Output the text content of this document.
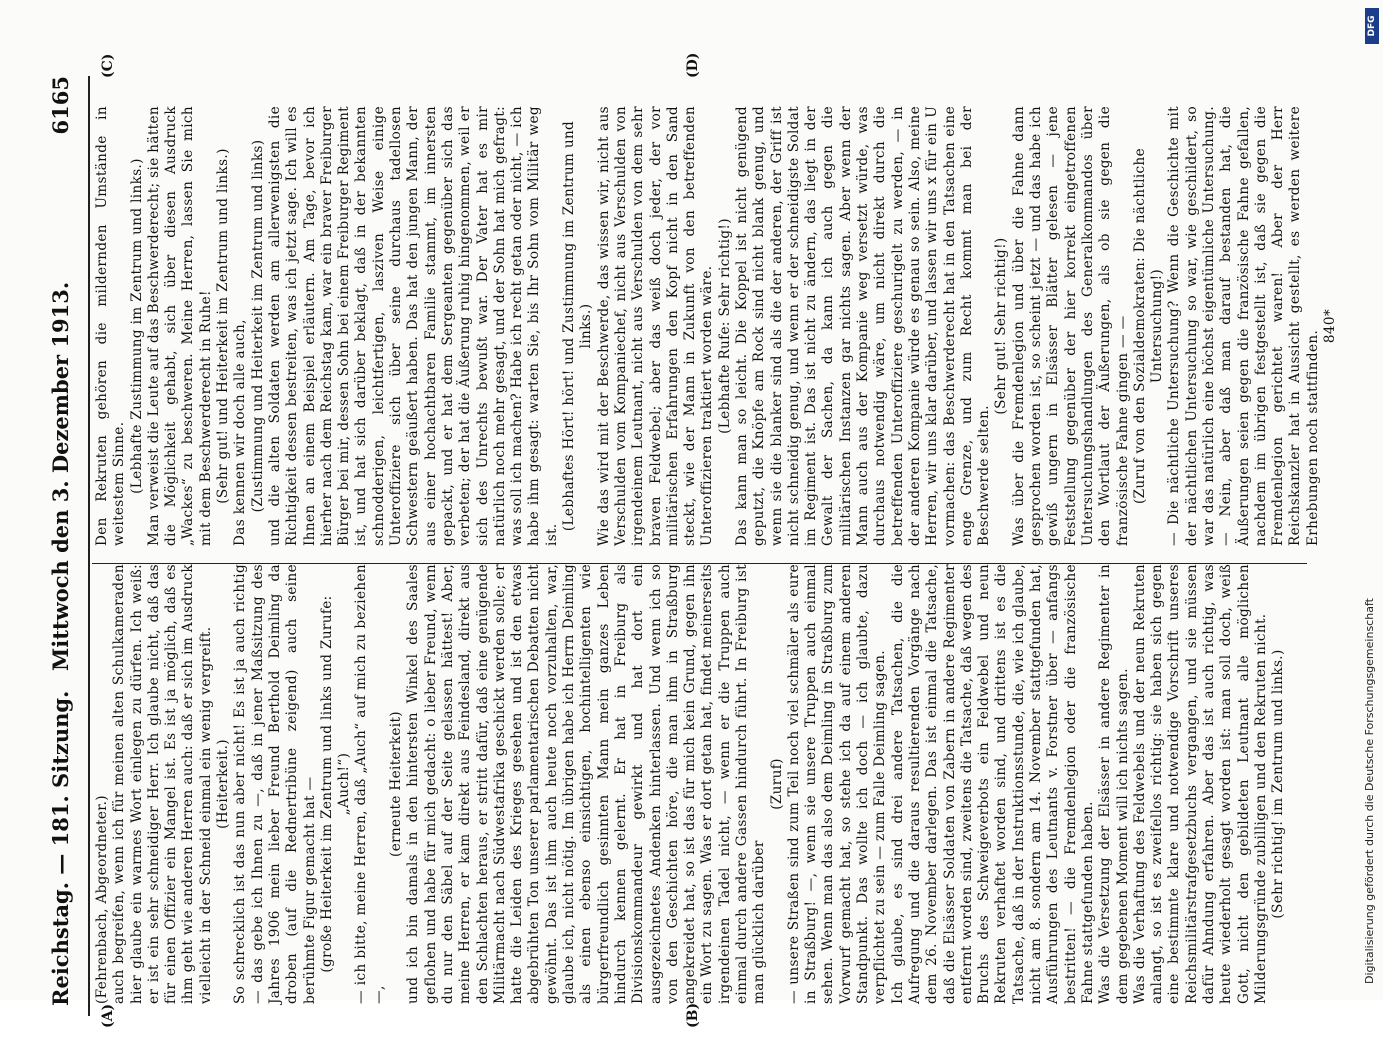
Reichstag. — 181. Sitzung.
Mittwoch den 3. Dezember 1913.
6165
(A)	(B)
(C)	(D)

(Fehrenbach, Abgeordneter.) auch begreifen, wenn ich für meinen alten Schulkameraden hier glaube ein warmes Wort einlegen zu dürfen. Ich weiß: er ist ein sehr schneidiger Herr. Ich glaube nicht, daß das für einen Offizier ein Mangel ist. Es ist ja möglich, daß es ihm geht wie anderen Herren auch: daß er sich im Ausdruck vielleicht in der Schneid einmal ein wenig vergreift. (Heiterkeit.) So schrecklich ist das nun aber nicht! Es ist ja auch richtig — das gebe ich Ihnen zu —, daß in jener Maßsitzung des Jahres 1906 mein lieber Freund Berthold Deimling da droben (auf die Rednertribüne zeigend) auch seine berühmte Figur gemacht hat — (große Heiterkeit im Zentrum und links und Zurufe: „Auch!“) — ich bitte, meine Herren, daß „Auch“ auf mich zu beziehen —,

(erneute Heiterkeit) und ich bin damals in den hintersten Winkel des Saales geflohen und habe für mich gedacht: o lieber Freund, wenn du nur den Säbel auf der Seite gelassen hättest! Aber, meine Herren, er kam direkt aus Feindesland, direkt aus den Schlachten heraus, er stritt dafür, daß eine genügende Militärmacht nach Südwestafrika geschickt werden solle; er hatte die Leiden des Krieges gesehen und ist den etwas abgebrühten Ton unserer parlamentarischen Debatten nicht gewöhnt. Das ist ihm auch heute noch vorzuhalten, war, glaube ich, nicht nötig. Im übrigen habe ich Herrn Deimling als einen ebenso einsichtigen, hochintelligenten wie bürgerfreundlich gesinnten Mann mein ganzes Leben hindurch kennen gelernt. Er hat in Freiburg als Divisionskommandeur gewirkt und hat dort ein ausgezeichnetes Andenken hinterlassen. Und wenn ich so von den Geschichten höre, die man ihm in Straßburg angekreidet hat, so ist das für mich kein Grund, gegen ihn ein Wort zu sagen. Was er dort getan hat, findet meinerseits irgendeinen Tadel nicht, — wenn er die Truppen auch einmal durch andere Gassen hindurch führt. In Freiburg ist man glücklich darüber

(Zuruf) — unsere Straßen sind zum Teil noch viel schmäler als eure in Straßburg! —, wenn sie unsere Truppen auch einmal sehen. Wenn man das also dem Deimling in Straßburg zum Vorwurf gemacht hat, so stehe ich da auf einem anderen Standpunkt. Das wollte ich doch — ich glaubte, dazu verpflichtet zu sein — zum Falle Deimling sagen. Ich glaube, es sind drei andere Tatsachen, die die Aufregung und die daraus resultierenden Vorgänge nach dem 26. November darlegen. Das ist einmal die Tatsache, daß die Elsässer Soldaten von Zabern in andere Regimenter entfernt worden sind, zweitens die Tatsache, daß wegen des Bruchs des Schweigeverbots ein Feldwebel und neun Rekruten verhaftet worden sind, und drittens ist es die Tatsache, daß in der Instruktionsstunde, die, wie ich glaube, nicht am 8. sondern am 14. November stattgefunden hat, Ausführungen des Leutnants v. Forstner über — anfangs bestritten! — die Fremdenlegion oder die französische Fahne stattgefunden haben. Was die Versetzung der Elsässer in andere Regimenter in dem gegebenen Moment will ich nichts sagen. Was die Verhaftung des Feldwebels und der neun Rekruten anlangt, so ist es zweifellos richtig: sie haben sich gegen eine bestimmte klare und notwendige Vorschrift unseres Reichsmilitärstrafgesetzbuchs vergangen, und sie müssen dafür Ahndung erfahren. Aber das ist auch richtig, was heute wiederholt gesagt worden ist: man soll doch, weiß Gott, nicht den gebildeten Leutnant alle möglichen Milderungsgründe zubilligen und den Rekruten nicht. (Sehr richtig! im Zentrum und links.)

Den Rekruten gehören die mildernden Umstände in weitestem Sinne. (Lebhafte Zustimmung im Zentrum und links.) Man verweist die Leute auf das Beschwerderecht; sie hätten die Möglichkeit gehabt, sich über diesen Ausdruck „Wackes“ zu beschweren. Meine Herren, lassen Sie mich mit dem Beschwerderecht in Ruhe! (Sehr gut! und Heiterkeit im Zentrum und links.) Das kennen wir doch alle auch, (Zustimmung und Heiterkeit im Zentrum und links) und die alten Soldaten werden am allerwenigsten die Richtigkeit dessen bestreiten, was ich jetzt sage. Ich will es Ihnen an einem Beispiel erläutern. Am Tage, bevor ich hierher nach dem Reichstag kam, war ein braver Freiburger Bürger bei mir, dessen Sohn bei einem Freiburger Regiment ist, und hat sich darüber beklagt, daß in der bekannten schnodderigen, leichtfertigen, lasziven Weise einige Unteroffiziere sich über seine durchaus tadellosen Schwestern geäußert haben. Das hat den jungen Mann, der aus einer hochachtbaren Familie stammt, im innersten gepackt, und er hat dem Sergeanten gegenüber sich das verbeten; der hat die Äußerung ruhig hingenommen, weil er sich des Unrechts bewußt war. Der Vater hat es mir natürlich noch mehr gesagt, und der Sohn hat mich gefragt: was soll ich machen? Habe ich recht getan oder nicht, — ich habe ihm gesagt: warten Sie, bis Ihr Sohn vom Militär weg ist.

(Lebhaftes Hört! hört! und Zustimmung im Zentrum und links.) Wie das wird mit der Beschwerde, das wissen wir, nicht aus Verschulden vom Kompaniechef, nicht aus Verschulden von irgendeinem Leutnant, nicht aus Verschulden von dem sehr braven Feldwebel; aber das weiß doch jeder, der vor militärischen Erfahrungen den Kopf nicht in den Sand steckt, wie der Mann in Zukunft von den betreffenden Unteroffizieren traktiert worden wäre. (Lebhafte Rufe: Sehr richtig!) Das kann man so leicht. Die Koppel ist nicht genügend geputzt, die Knöpfe am Rock sind nicht blank genug, und wenn sie die blanker sind als die der anderen, der Griff ist nicht schneidig genug, und wenn er der schneidigste Soldat im Regiment ist. Das ist nicht zu ändern, das liegt in der Gewalt der Sachen, da kann ich auch gegen die militärischen Instanzen gar nichts sagen. Aber wenn der Mann auch aus der Kompanie weg versetzt würde, was durchaus notwendig wäre, um nicht direkt durch die betreffenden Unteroffiziere geschurigelt zu werden, — in der anderen Kompanie würde es genau so sein. Also, meine Herren, wir uns klar darüber, und lassen wir uns x für ein U vormachen: das Beschwerderecht hat in den Tatsachen eine enge Grenze, und zum Recht kommt man bei der Beschwerde selten.

(Sehr gut! Sehr richtig!) Was über die Fremdenlegion und über die Fahne dann gesprochen worden ist, so scheint jetzt — und das habe ich gewiß ungern in Elsässer Blätter gelesen — jene Feststellung gegenüber der hier korrekt eingetroffenen Untersuchungshandlungen des Generalkommandos über den Wortlaut der Äußerungen, als ob sie gegen die französische Fahne gingen — — (Zuruf von den Sozialdemokraten: Die nächtliche Untersuchung!) — Die nächtliche Untersuchung? Wenn die Geschichte mit der nächtlichen Untersuchung so war, wie geschildert, so war das natürlich eine höchst eigentümliche Untersuchung. — Nein, aber daß man darauf bestanden hat, die Äußerungen seien gegen die französische Fahne gefallen, nachdem im übrigen festgestellt ist, daß sie gegen die Fremdenlegion gerichtet waren! Aber der Herr Reichskanzler hat in Aussicht gestellt, es werden weitere Erhebungen noch stattfinden.

840*

Digitalisierung gefördert durch die Deutsche Forschungsgemeinschaft
DFG
